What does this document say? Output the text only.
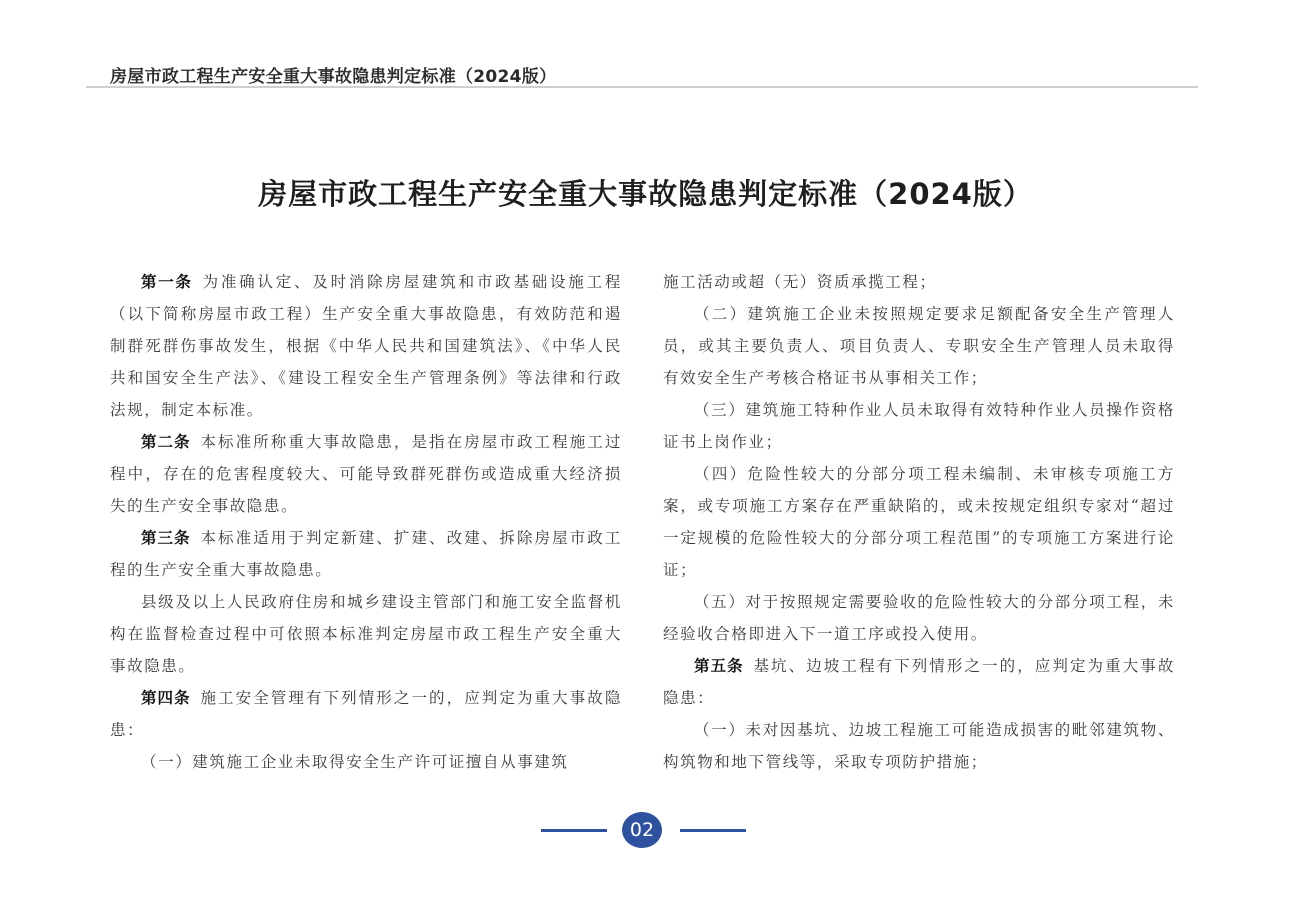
房屋市政工程生产安全重大事故隐患判定标准（2024版）
房屋市政工程生产安全重大事故隐患判定标准（2024版）

第一条 为准确认定、及时消除房屋建筑和市政基础设施工程（以下简称房屋市政工程）生产安全重大事故隐患，有效防范和遏制群死群伤事故发生，根据《中华人民共和国建筑法》、《中华人民共和国安全生产法》、《建设工程安全生产管理条例》等法律和行政法规，制定本标准。

第二条 本标准所称重大事故隐患，是指在房屋市政工程施工过程中，存在的危害程度较大、可能导致群死群伤或造成重大经济损失的生产安全事故隐患。

第三条 本标准适用于判定新建、扩建、改建、拆除房屋市政工程的生产安全重大事故隐患。

县级及以上人民政府住房和城乡建设主管部门和施工安全监督机构在监督检查过程中可依照本标准判定房屋市政工程生产安全重大事故隐患。

第四条 施工安全管理有下列情形之一的，应判定为重大事故隐患：

（一）建筑施工企业未取得安全生产许可证擅自从事建筑

施工活动或超（无）资质承揽工程；

（二）建筑施工企业未按照规定要求足额配备安全生产管理人员，或其主要负责人、项目负责人、专职安全生产管理人员未取得有效安全生产考核合格证书从事相关工作；

（三）建筑施工特种作业人员未取得有效特种作业人员操作资格证书上岗作业；

（四）危险性较大的分部分项工程未编制、未审核专项施工方案，或专项施工方案存在严重缺陷的，或未按规定组织专家对“超过一定规模的危险性较大的分部分项工程范围”的专项施工方案进行论证；

（五）对于按照规定需要验收的危险性较大的分部分项工程，未经验收合格即进入下一道工序或投入使用。

第五条 基坑、边坡工程有下列情形之一的，应判定为重大事故隐患：

（一）未对因基坑、边坡工程施工可能造成损害的毗邻建筑物、构筑物和地下管线等，采取专项防护措施；

02
